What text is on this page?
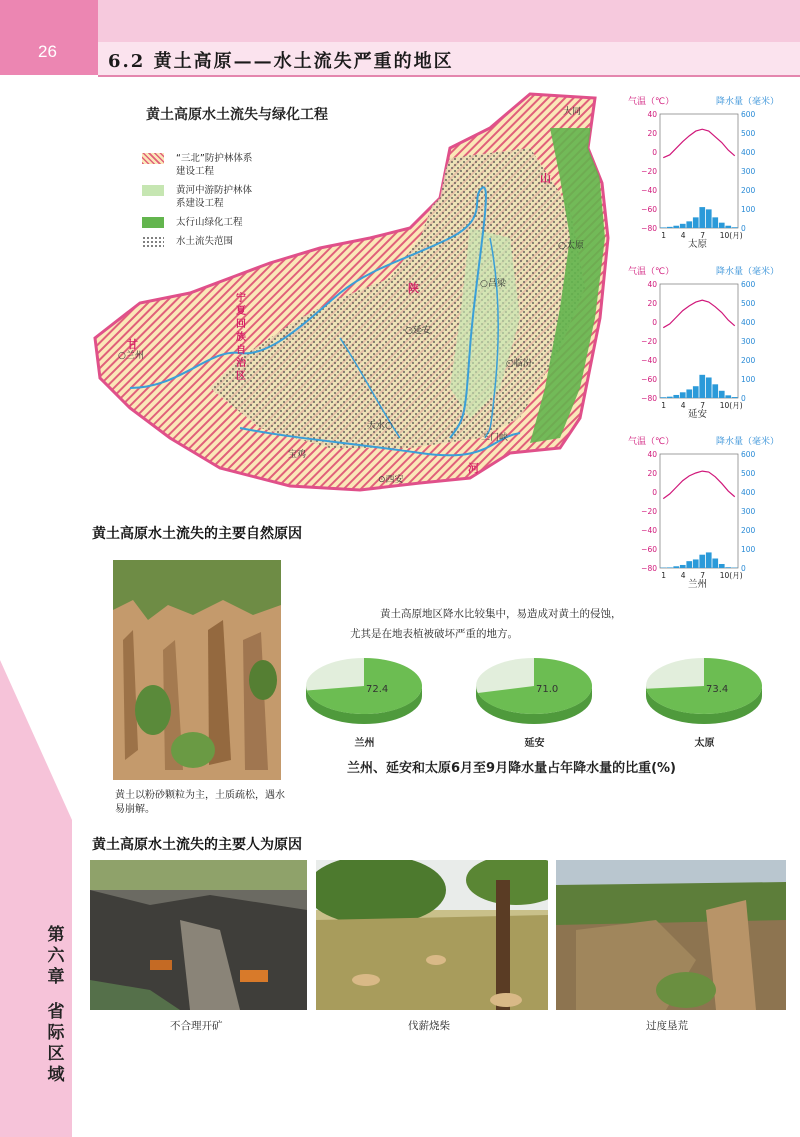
26	6.2 黄土高原——水土流失严重的地区
第六章
省际区域
黄土高原水土流失与绿化工程
“三北”防护林体系建设工程
黄河中游防护林体系建设工程
太行山绿化工程
水土流失范围
大同
○太原
○吕梁
○延安
○临汾
○兰州
天水○
宝鸡
⊙西安
三门峡
宁夏回族自治区
甘
陕
山
河
40
20
0
−20
−40
−60
−80
600
500
400
300
200
100
0
1 4 7 10(月)
气温（℃）	降水量（毫米）
太原
40
20
0
−20
−40
−60
−80
600
500
400
300
200
100
0
1 4 7 10(月)
气温（℃）	降水量（毫米）
延安
40
20
0
−20
−40
−60
−80
600
500
400
300
200
100
0
1 4 7 10(月)
气温（℃）	降水量（毫米）
兰州
黄土高原水土流失的主要自然原因
黄土以粉砂颗粒为主，土质疏松，遇水易崩解。
黄土高原地区降水比较集中，易造成对黄土的侵蚀，
尤其是在地表植被破坏严重的地方。
72.4
兰州
71.0
延安
73.4
太原
兰州、延安和太原6月至9月降水量占年降水量的比重(%)
黄土高原水土流失的主要人为原因
不合理开矿	伐薪烧柴	过度垦荒
